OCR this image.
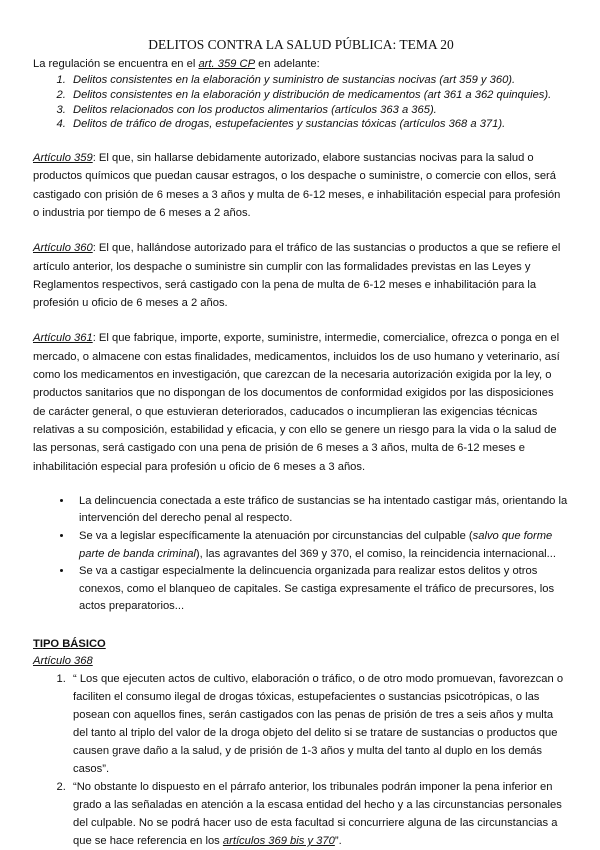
DELITOS CONTRA LA SALUD PÚBLICA: TEMA 20

La regulación se encuentra en el art. 359 CP en adelante:

1. Delitos consistentes en la elaboración y suministro de sustancias nocivas (art 359 y 360).
2. Delitos consistentes en la elaboración y distribución de medicamentos (art 361 a 362 quinquies).
3. Delitos relacionados con los productos alimentarios (artículos 363 a 365).
4. Delitos de tráfico de drogas, estupefacientes y sustancias tóxicas (artículos 368 a 371).

Artículo 359: El que, sin hallarse debidamente autorizado, elabore sustancias nocivas para la salud o productos químicos que puedan causar estragos, o los despache o suministre, o comercie con ellos, será castigado con prisión de 6 meses a 3 años y multa de 6-12 meses, e inhabilitación especial para profesión o industria por tiempo de 6 meses a 2 años.

Artículo 360: El que, hallándose autorizado para el tráfico de las sustancias o productos a que se refiere el artículo anterior, los despache o suministre sin cumplir con las formalidades previstas en las Leyes y Reglamentos respectivos, será castigado con la pena de multa de 6-12 meses e inhabilitación para la profesión u oficio de 6 meses a 2 años.

Artículo 361: El que fabrique, importe, exporte, suministre, intermedie, comercialice, ofrezca o ponga en el mercado, o almacene con estas finalidades, medicamentos, incluidos los de uso humano y veterinario, así como los medicamentos en investigación, que carezcan de la necesaria autorización exigida por la ley, o productos sanitarios que no dispongan de los documentos de conformidad exigidos por las disposiciones de carácter general, o que estuvieran deteriorados, caducados o incumplieran las exigencias técnicas relativas a su composición, estabilidad y eficacia, y con ello se genere un riesgo para la vida o la salud de las personas, será castigado con una pena de prisión de 6 meses a 3 años, multa de 6-12 meses e inhabilitación especial para profesión u oficio de 6 meses a 3 años.

• La delincuencia conectada a este tráfico de sustancias se ha intentado castigar más, orientando la intervención del derecho penal al respecto.
• Se va a legislar específicamente la atenuación por circunstancias del culpable (salvo que forme parte de banda criminal), las agravantes del 369 y 370, el comiso, la reincidencia internacional...
• Se va a castigar especialmente la delincuencia organizada para realizar estos delitos y otros conexos, como el blanqueo de capitales. Se castiga expresamente el tráfico de precursores, los actos preparatorios...
TIPO BÁSICO
Artículo 368
1. “ Los que ejecuten actos de cultivo, elaboración o tráfico, o de otro modo promuevan, favorezcan o faciliten el consumo ilegal de drogas tóxicas, estupefacientes o sustancias psicotrópicas, o las posean con aquellos fines, serán castigados con las penas de prisión de tres a seis años y multa del tanto al triplo del valor de la droga objeto del delito si se tratare de sustancias o productos que causen grave daño a la salud, y de prisión de 1-3 años y multa del tanto al duplo en los demás casos”.
2. “No obstante lo dispuesto en el párrafo anterior, los tribunales podrán imponer la pena inferior en grado a las señaladas en atención a la escasa entidad del hecho y a las circunstancias personales del culpable. No se podrá hacer uso de esta facultad si concurriere alguna de las circunstancias a que se hace referencia en los artículos 369 bis y 370”.
